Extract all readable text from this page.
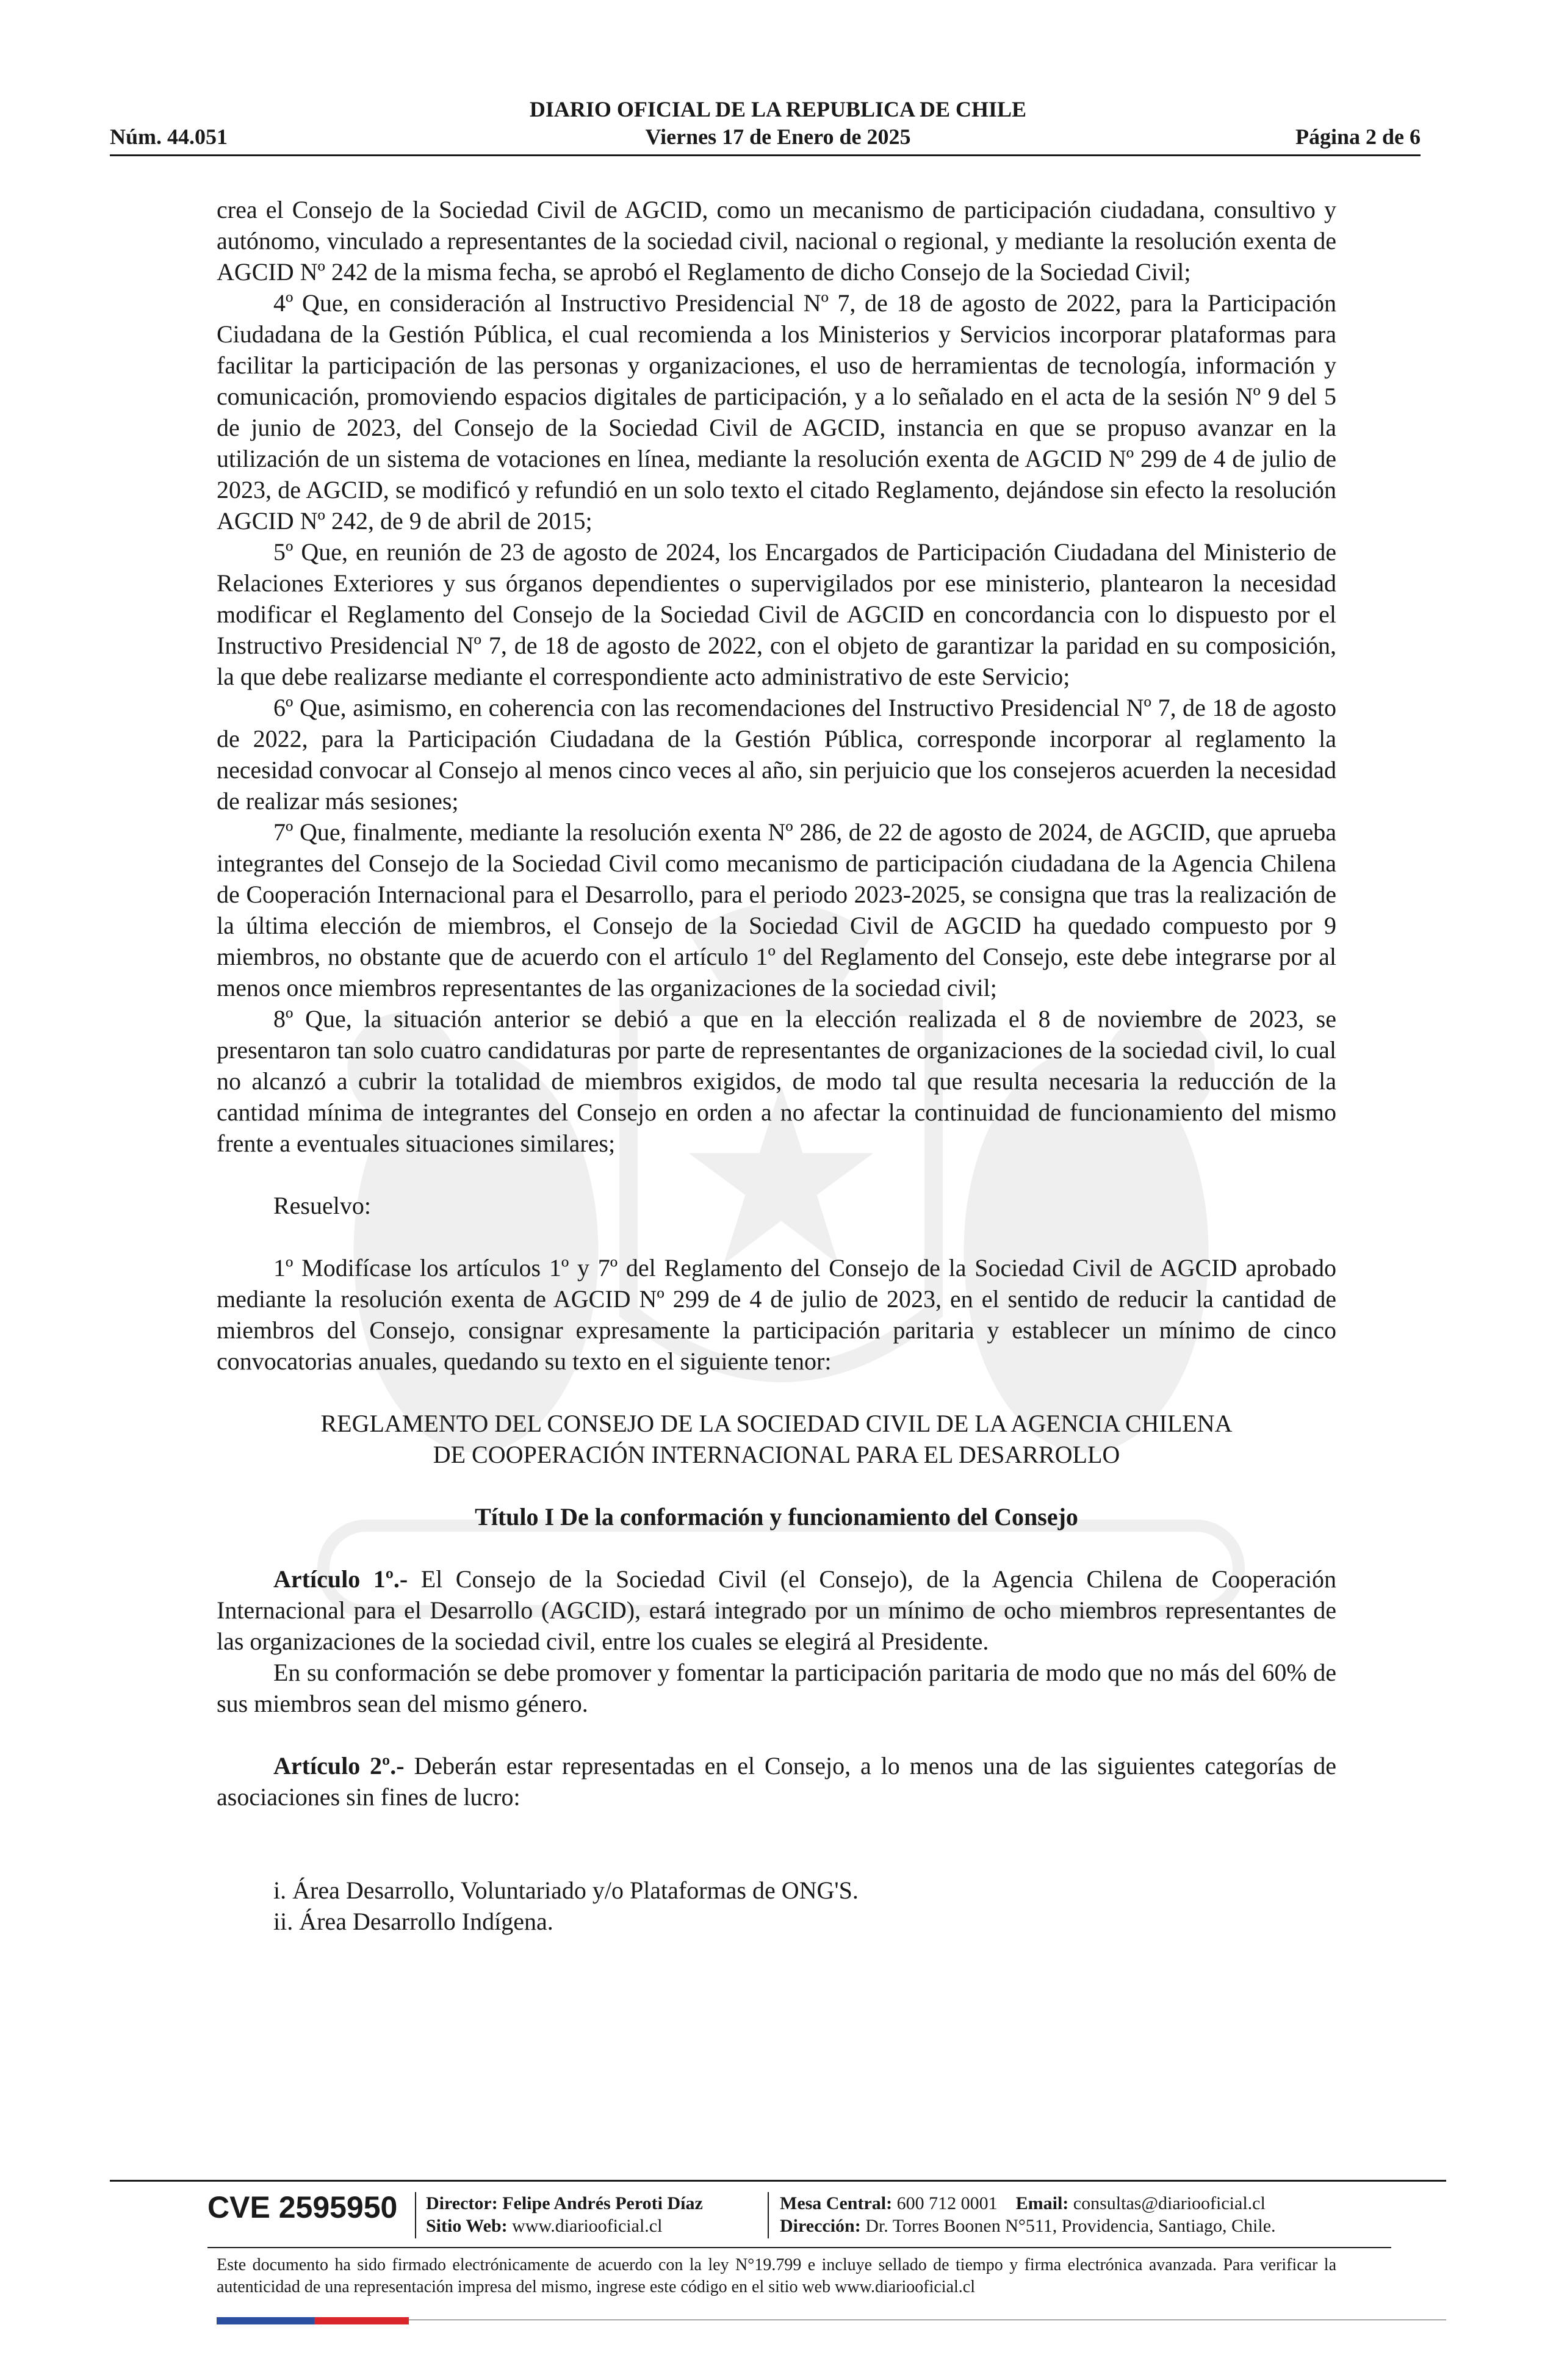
Núm. 44.051
DIARIO OFICIAL DE LA REPUBLICA DE CHILE
Viernes 17 de Enero de 2025	Página 2 de 6

crea el Consejo de la Sociedad Civil de AGCID, como un mecanismo de participación ciudadana, consultivo y autónomo, vinculado a representantes de la sociedad civil, nacional o regional, y mediante la resolución exenta de AGCID Nº 242 de la misma fecha, se aprobó el Reglamento de dicho Consejo de la Sociedad Civil;

4º Que, en consideración al Instructivo Presidencial Nº 7, de 18 de agosto de 2022, para la Participación Ciudadana de la Gestión Pública, el cual recomienda a los Ministerios y Servicios incorporar plataformas para facilitar la participación de las personas y organizaciones, el uso de herramientas de tecnología, información y comunicación, promoviendo espacios digitales de participación, y a lo señalado en el acta de la sesión Nº 9 del 5 de junio de 2023, del Consejo de la Sociedad Civil de AGCID, instancia en que se propuso avanzar en la utilización de un sistema de votaciones en línea, mediante la resolución exenta de AGCID Nº 299 de 4 de julio de 2023, de AGCID, se modificó y refundió en un solo texto el citado Reglamento, dejándose sin efecto la resolución AGCID Nº 242, de 9 de abril de 2015;

5º Que, en reunión de 23 de agosto de 2024, los Encargados de Participación Ciudadana del Ministerio de Relaciones Exteriores y sus órganos dependientes o supervigilados por ese ministerio, plantearon la necesidad modificar el Reglamento del Consejo de la Sociedad Civil de AGCID en concordancia con lo dispuesto por el Instructivo Presidencial Nº 7, de 18 de agosto de 2022, con el objeto de garantizar la paridad en su composición, la que debe realizarse mediante el correspondiente acto administrativo de este Servicio;

6º Que, asimismo, en coherencia con las recomendaciones del Instructivo Presidencial Nº 7, de 18 de agosto de 2022, para la Participación Ciudadana de la Gestión Pública, corresponde incorporar al reglamento la necesidad convocar al Consejo al menos cinco veces al año, sin perjuicio que los consejeros acuerden la necesidad de realizar más sesiones;

7º Que, finalmente, mediante la resolución exenta Nº 286, de 22 de agosto de 2024, de AGCID, que aprueba integrantes del Consejo de la Sociedad Civil como mecanismo de participación ciudadana de la Agencia Chilena de Cooperación Internacional para el Desarrollo, para el periodo 2023-2025, se consigna que tras la realización de la última elección de miembros, el Consejo de la Sociedad Civil de AGCID ha quedado compuesto por 9 miembros, no obstante que de acuerdo con el artículo 1º del Reglamento del Consejo, este debe integrarse por al menos once miembros representantes de las organizaciones de la sociedad civil;

8º Que, la situación anterior se debió a que en la elección realizada el 8 de noviembre de 2023, se presentaron tan solo cuatro candidaturas por parte de representantes de organizaciones de la sociedad civil, lo cual no alcanzó a cubrir la totalidad de miembros exigidos, de modo tal que resulta necesaria la reducción de la cantidad mínima de integrantes del Consejo en orden a no afectar la continuidad de funcionamiento del mismo frente a eventuales situaciones similares;

Resuelvo:

1º Modifícase los artículos 1º y 7º del Reglamento del Consejo de la Sociedad Civil de AGCID aprobado mediante la resolución exenta de AGCID Nº 299 de 4 de julio de 2023, en el sentido de reducir la cantidad de miembros del Consejo, consignar expresamente la participación paritaria y establecer un mínimo de cinco convocatorias anuales, quedando su texto en el siguiente tenor:

REGLAMENTO DEL CONSEJO DE LA SOCIEDAD CIVIL DE LA AGENCIA CHILENA

DE COOPERACIÓN INTERNACIONAL PARA EL DESARROLLO

Título I De la conformación y funcionamiento del Consejo

Artículo 1º.- El Consejo de la Sociedad Civil (el Consejo), de la Agencia Chilena de Cooperación Internacional para el Desarrollo (AGCID), estará integrado por un mínimo de ocho miembros representantes de las organizaciones de la sociedad civil, entre los cuales se elegirá al Presidente.

En su conformación se debe promover y fomentar la participación paritaria de modo que no más del 60% de sus miembros sean del mismo género.

Artículo 2º.- Deberán estar representadas en el Consejo, a lo menos una de las siguientes categorías de asociaciones sin fines de lucro:

i. Área Desarrollo, Voluntariado y/o Plataformas de ONG'S.

ii. Área Desarrollo Indígena.

CVE 2595950 Director: Felipe Andrés Peroti Díaz
Sitio Web: www.diariooficial.cl
Mesa Central: 600 712 0001 Email: consultas@diariooficial.cl
Dirección: Dr. Torres Boonen N°511, Providencia, Santiago, Chile.
Este documento ha sido firmado electrónicamente de acuerdo con la ley N°19.799 e incluye sellado de tiempo y firma electrónica avanzada. Para verificar la autenticidad de una representación impresa del mismo, ingrese este código en el sitio web www.diariooficial.cl
